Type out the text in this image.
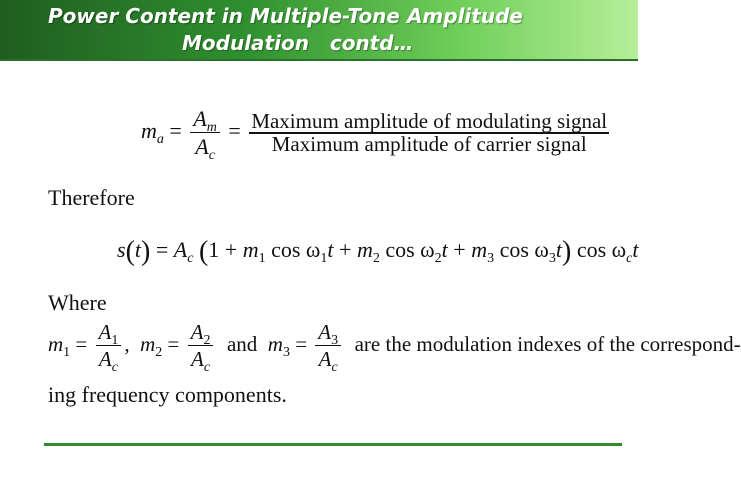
Power Content in Multiple-Tone Amplitude
Modulation   contd…
$m_a = \frac{A_m}{A_c} = \frac{\text{Maximum amplitude of modulating signal}}{\text{Maximum amplitude of carrier signal}}$
Therefore
$s(t) = A_c$ ($1 + m_1$ $\cos \omega_1t + m_2$ $\cos \omega_2t + m_3$ $\cos \omega_3t$) $\cos \omega_ct$
Where
$m_1 = \frac{A_1}{A_c}$ ,  $m_2 = \frac{A_2}{A_c}$ and $m_3 = \frac{A_3}{A_c}$ are the modulation indexes of the correspond-
ing frequency components.
